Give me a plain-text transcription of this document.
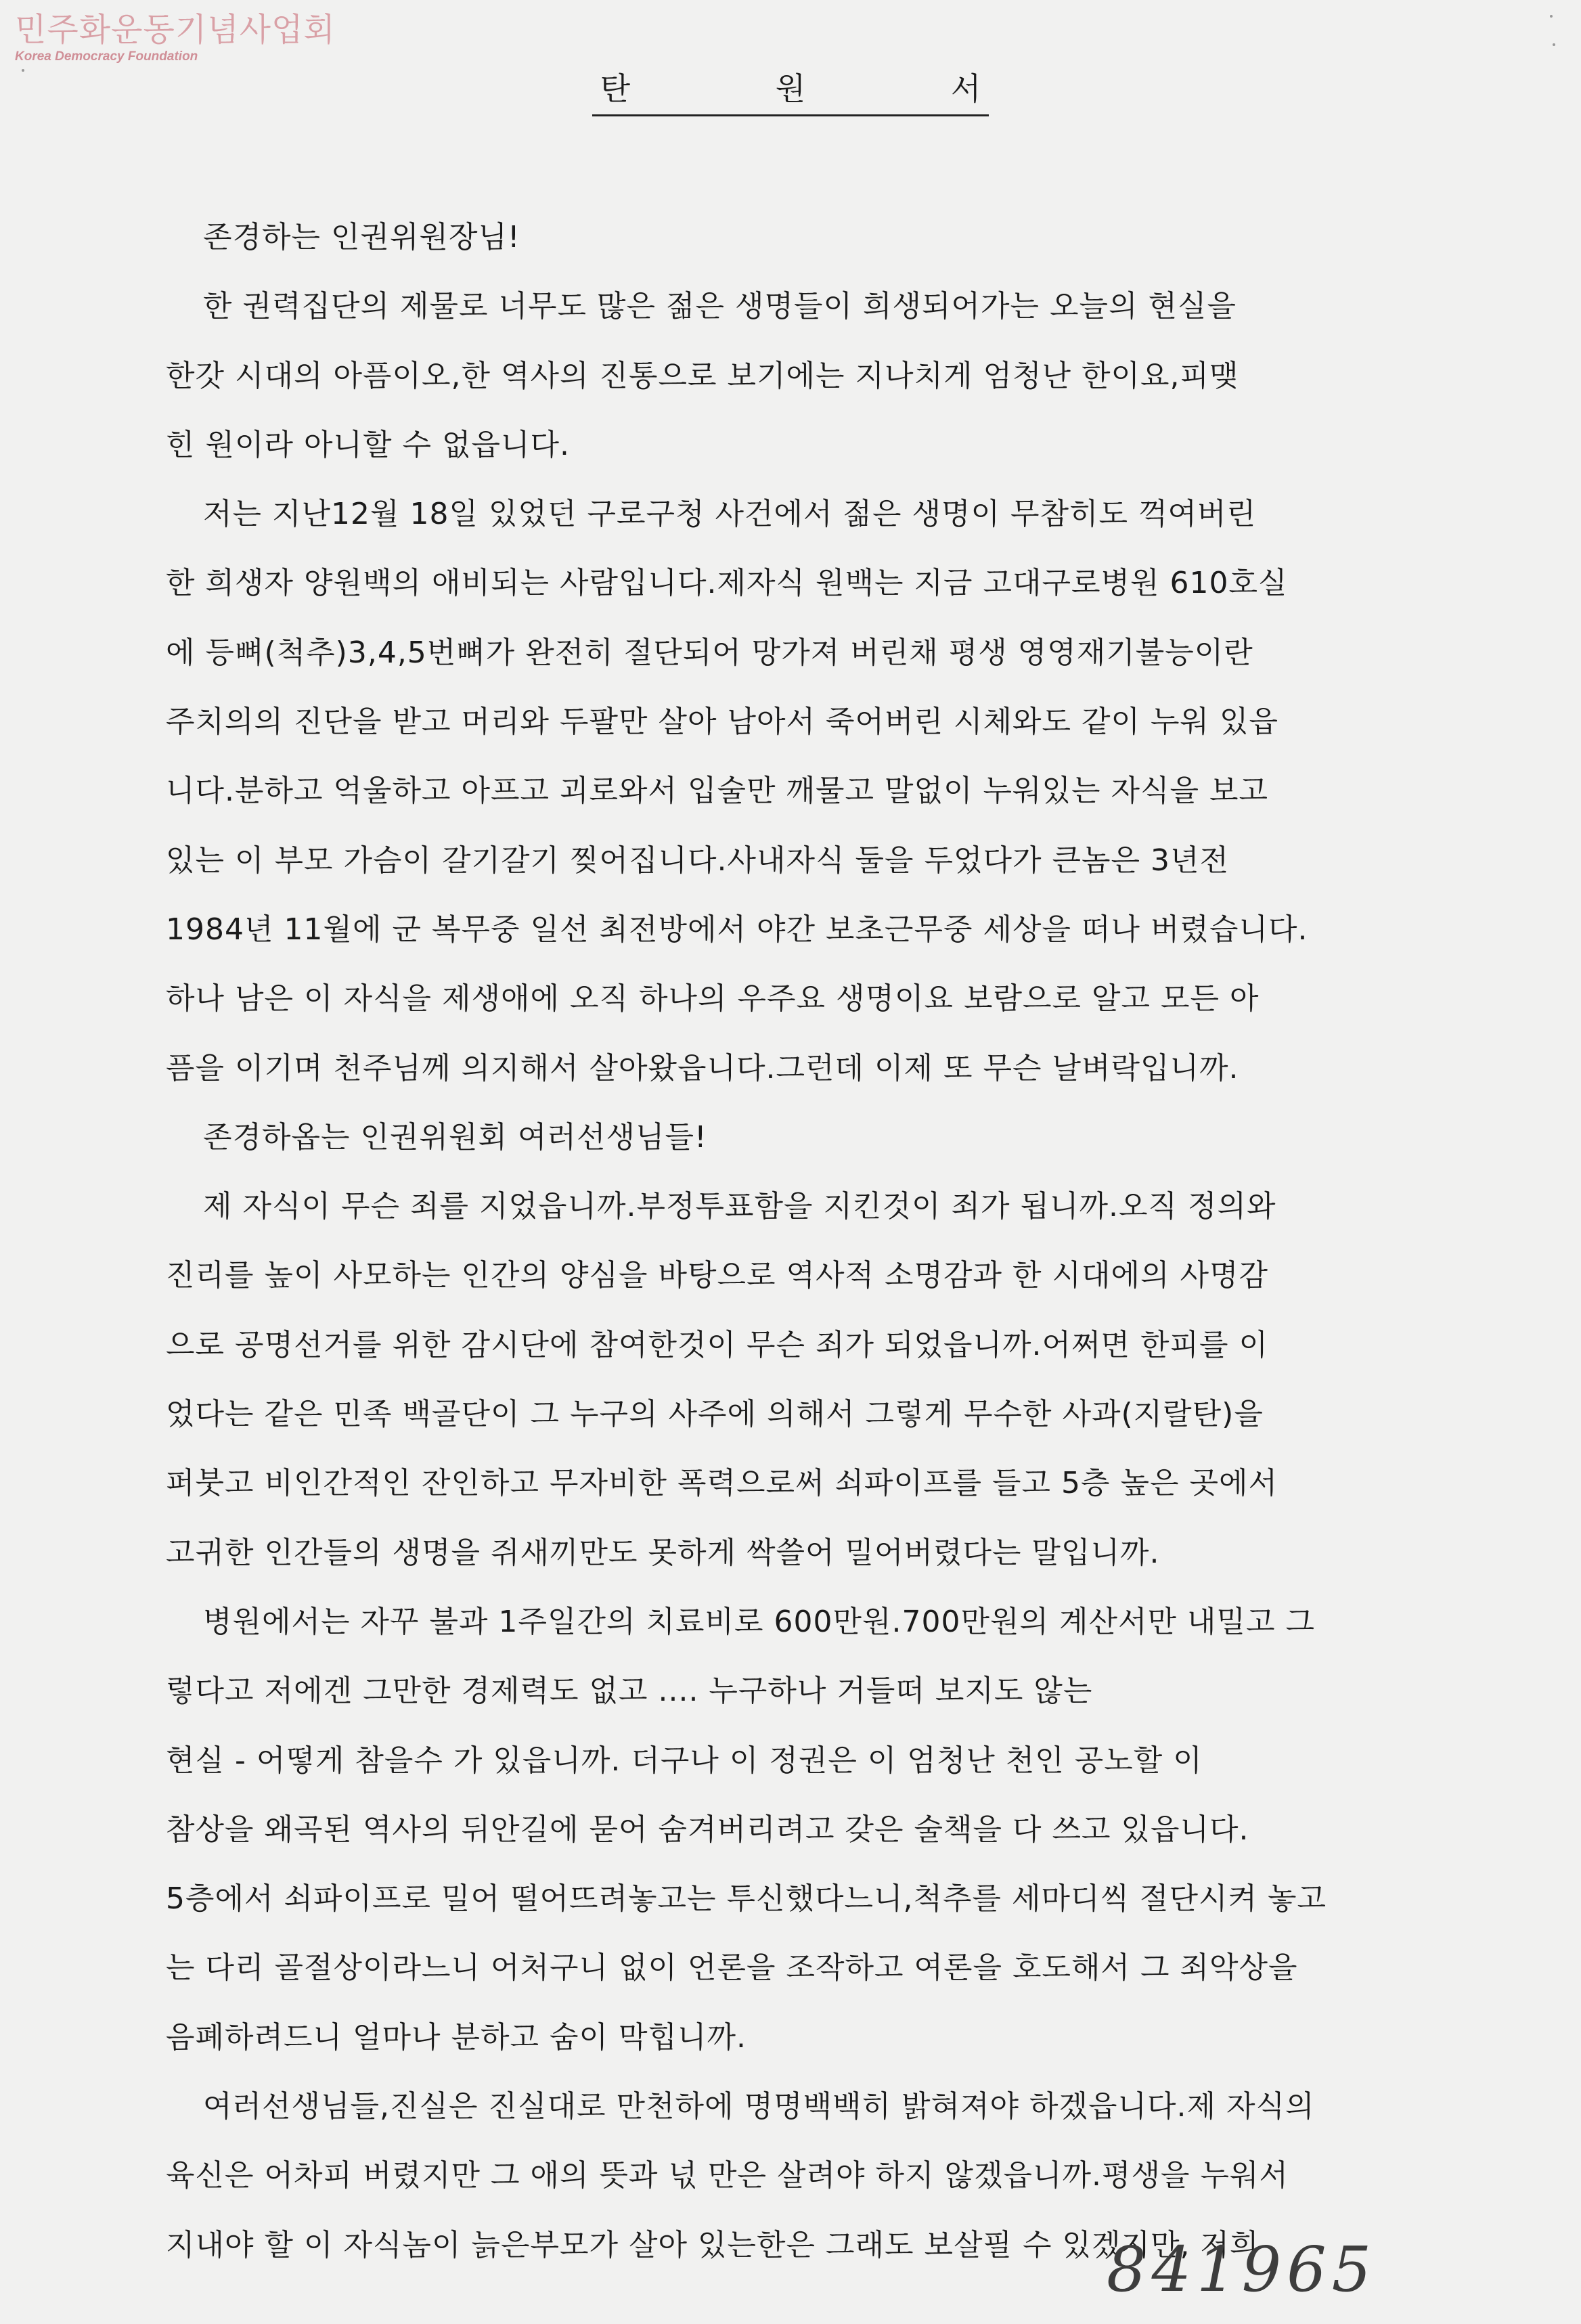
민주화운동기념사업회
Korea Democracy Foundation
탄 원 서
존경하는 인권위원장님!
한 권력집단의 제물로 너무도 많은 젊은 생명들이 희생되어가는 오늘의 현실을
한갓 시대의 아픔이오,한 역사의 진통으로 보기에는 지나치게 엄청난 한이요,피맺
힌 원이라 아니할 수 없읍니다.
저는 지난12월 18일 있었던 구로구청 사건에서 젊은 생명이 무참히도 꺽여버린
한 희생자 양원백의 애비되는 사람입니다.제자식 원백는 지금 고대구로병원 610호실
에 등뼈(척추)3,4,5번뼈가 완전히 절단되어 망가져 버린채 평생 영영재기불능이란
주치의의 진단을 받고 머리와 두팔만 살아 남아서 죽어버린 시체와도 같이 누워 있읍
니다.분하고 억울하고 아프고 괴로와서 입술만 깨물고 말없이 누워있는 자식을 보고
있는 이 부모 가슴이 갈기갈기 찢어집니다.사내자식 둘을 두었다가 큰놈은 3년전
1984년 11월에 군 복무중 일선 최전방에서 야간 보초근무중 세상을 떠나 버렸습니다.
하나 남은 이 자식을 제생애에 오직 하나의 우주요 생명이요 보람으로 알고 모든 아
픔을 이기며 천주님께 의지해서 살아왔읍니다.그런데 이제 또 무슨 날벼락입니까.
존경하옵는 인권위원회 여러선생님들!
제 자식이 무슨 죄를 지었읍니까.부정투표함을 지킨것이 죄가 됩니까.오직 정의와
진리를 높이 사모하는 인간의 양심을 바탕으로 역사적 소명감과 한 시대에의 사명감
으로 공명선거를 위한 감시단에 참여한것이 무슨 죄가 되었읍니까.어쩌면 한피를 이
었다는 같은 민족 백골단이 그 누구의 사주에 의해서 그렇게 무수한 사과(지랄탄)을
퍼붓고 비인간적인 잔인하고 무자비한 폭력으로써 쇠파이프를 들고 5층 높은 곳에서
고귀한 인간들의 생명을 쥐새끼만도 못하게 싹쓸어 밀어버렸다는 말입니까.
병원에서는 자꾸 불과 1주일간의 치료비로 600만원.700만원의 계산서만 내밀고 그
렇다고 저에겐 그만한 경제력도 없고 .... 누구하나 거들떠 보지도 않는
현실 - 어떻게 참을수 가 있읍니까. 더구나 이 정권은 이 엄청난 천인 공노할 이
참상을 왜곡된 역사의 뒤안길에 묻어 숨겨버리려고 갖은 술책을 다 쓰고 있읍니다.
5층에서 쇠파이프로 밀어 떨어뜨려놓고는 투신했다느니,척추를 세마디씩 절단시켜 놓고
는 다리 골절상이라느니 어처구니 없이 언론을 조작하고 여론을 호도해서 그 죄악상을
음폐하려드니 얼마나 분하고 숨이 막힙니까.
여러선생님들,진실은 진실대로 만천하에 명명백백히 밝혀져야 하겠읍니다.제 자식의
육신은 어차피 버렸지만 그 애의 뜻과 넋 만은 살려야 하지 않겠읍니까.평생을 누워서
지내야 할 이 자식놈이 늙은부모가 살아 있는한은 그래도 보살필 수 있겠지만, 저희
841965
